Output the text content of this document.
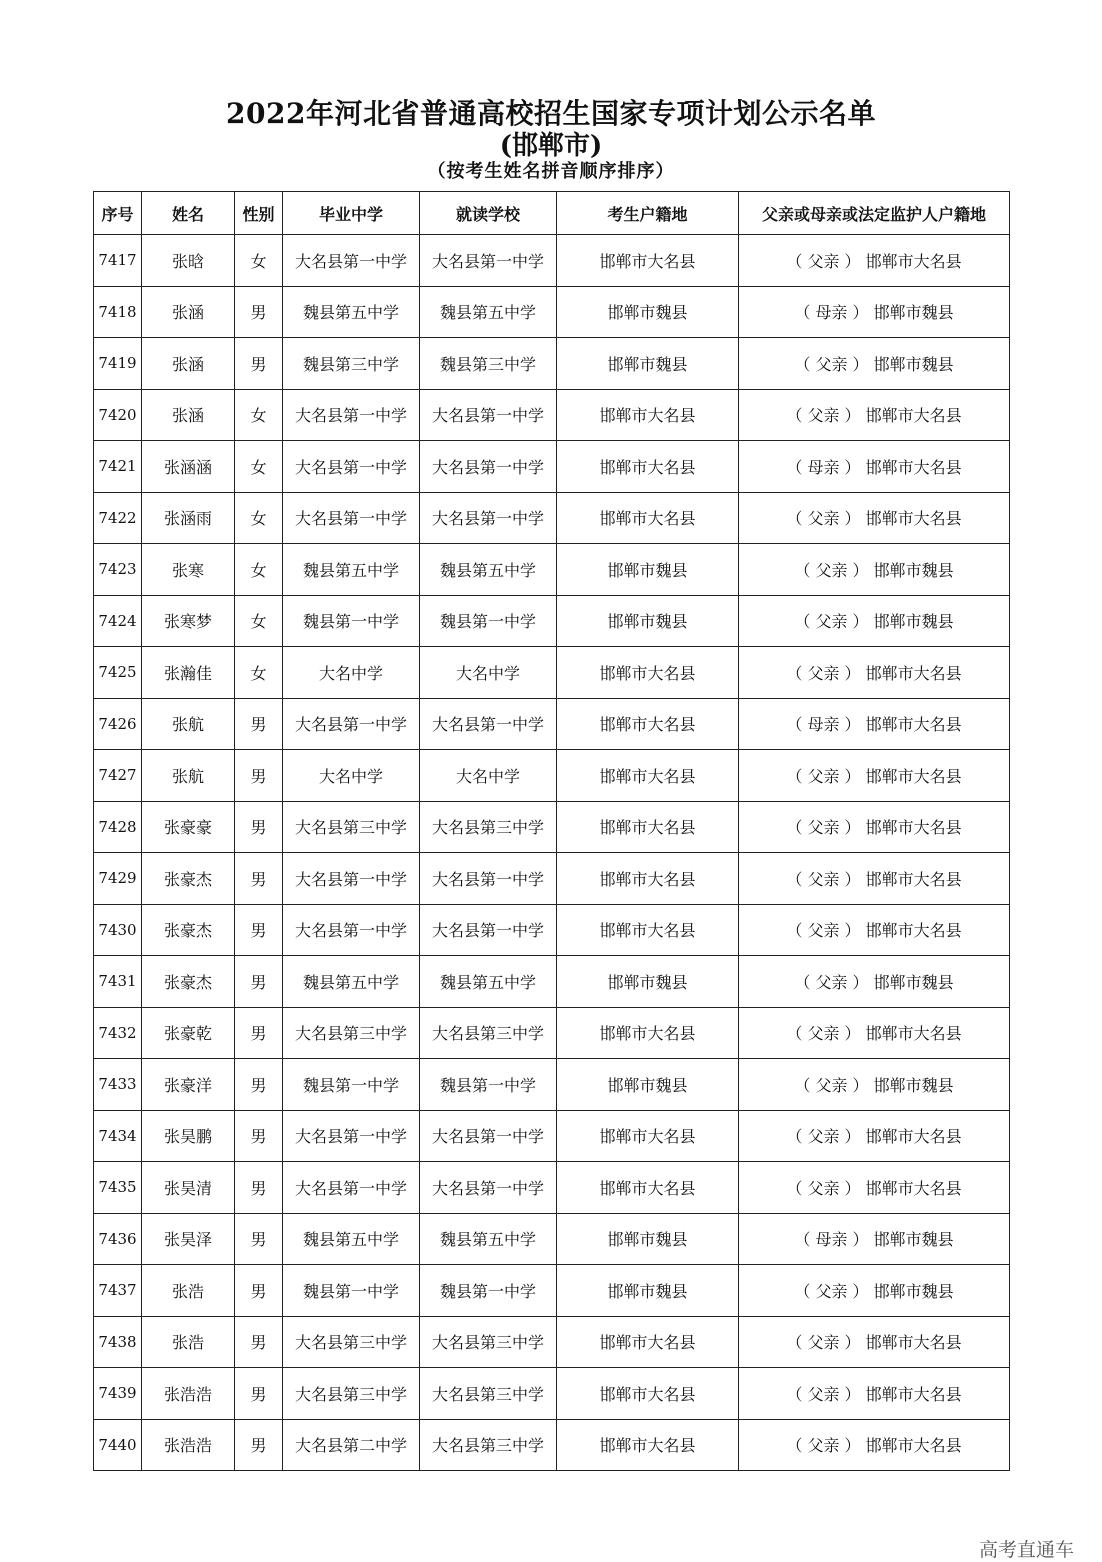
2022年河北省普通高校招生国家专项计划公示名单
(邯郸市)
（按考生姓名拼音顺序排序）
序号	姓名	性别	毕业中学	就读学校	考生户籍地	父亲或母亲或法定监护人户籍地
7417	张晗	女	大名县第一中学	大名县第一中学	邯郸市大名县	（ 父亲 ） 邯郸市大名县
7418	张涵	男	魏县第五中学	魏县第五中学	邯郸市魏县	（ 母亲 ） 邯郸市魏县
7419	张涵	男	魏县第三中学	魏县第三中学	邯郸市魏县	（ 父亲 ） 邯郸市魏县
7420	张涵	女	大名县第一中学	大名县第一中学	邯郸市大名县	（ 父亲 ） 邯郸市大名县
7421	张涵涵	女	大名县第一中学	大名县第一中学	邯郸市大名县	（ 母亲 ） 邯郸市大名县
7422	张涵雨	女	大名县第一中学	大名县第一中学	邯郸市大名县	（ 父亲 ） 邯郸市大名县
7423	张寒	女	魏县第五中学	魏县第五中学	邯郸市魏县	（ 父亲 ） 邯郸市魏县
7424	张寒梦	女	魏县第一中学	魏县第一中学	邯郸市魏县	（ 父亲 ） 邯郸市魏县
7425	张瀚佳	女	大名中学	大名中学	邯郸市大名县	（ 父亲 ） 邯郸市大名县
7426	张航	男	大名县第一中学	大名县第一中学	邯郸市大名县	（ 母亲 ） 邯郸市大名县
7427	张航	男	大名中学	大名中学	邯郸市大名县	（ 父亲 ） 邯郸市大名县
7428	张豪豪	男	大名县第三中学	大名县第三中学	邯郸市大名县	（ 父亲 ） 邯郸市大名县
7429	张豪杰	男	大名县第一中学	大名县第一中学	邯郸市大名县	（ 父亲 ） 邯郸市大名县
7430	张豪杰	男	大名县第一中学	大名县第一中学	邯郸市大名县	（ 父亲 ） 邯郸市大名县
7431	张豪杰	男	魏县第五中学	魏县第五中学	邯郸市魏县	（ 父亲 ） 邯郸市魏县
7432	张豪乾	男	大名县第三中学	大名县第三中学	邯郸市大名县	（ 父亲 ） 邯郸市大名县
7433	张豪洋	男	魏县第一中学	魏县第一中学	邯郸市魏县	（ 父亲 ） 邯郸市魏县
7434	张昊鹏	男	大名县第一中学	大名县第一中学	邯郸市大名县	（ 父亲 ） 邯郸市大名县
7435	张昊清	男	大名县第一中学	大名县第一中学	邯郸市大名县	（ 父亲 ） 邯郸市大名县
7436	张昊泽	男	魏县第五中学	魏县第五中学	邯郸市魏县	（ 母亲 ） 邯郸市魏县
7437	张浩	男	魏县第一中学	魏县第一中学	邯郸市魏县	（ 父亲 ） 邯郸市魏县
7438	张浩	男	大名县第三中学	大名县第三中学	邯郸市大名县	（ 父亲 ） 邯郸市大名县
7439	张浩浩	男	大名县第三中学	大名县第三中学	邯郸市大名县	（ 父亲 ） 邯郸市大名县
7440	张浩浩	男	大名县第二中学	大名县第三中学	邯郸市大名县	（ 父亲 ） 邯郸市大名县
高考直通车
